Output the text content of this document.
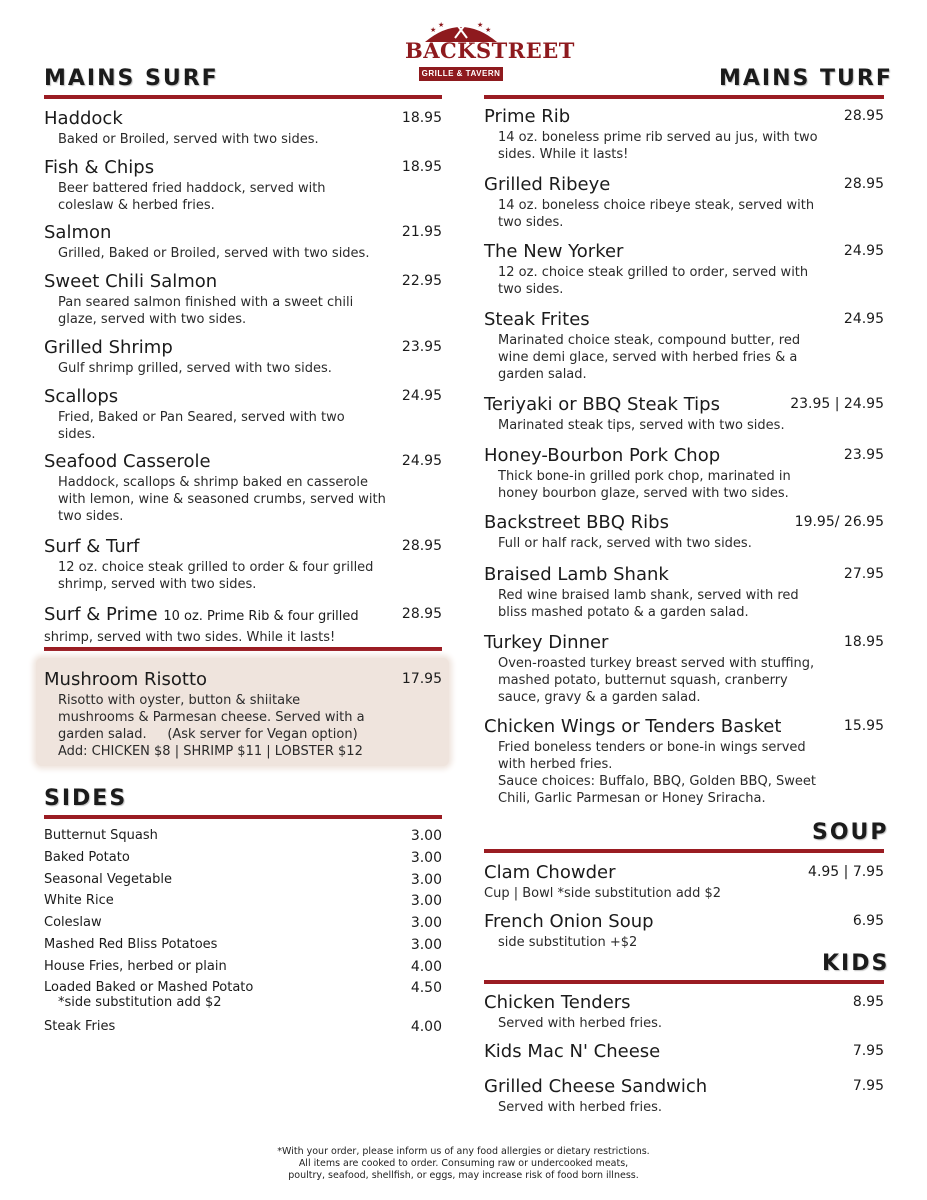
★
★	★
★
BACKSTREET
GRILLE & TAVERN
MAINS SURF
Haddock	18.95
Baked or Broiled, served with two sides.
Fish & Chips	18.95
Beer battered fried haddock, served with coleslaw & herbed fries.
Salmon	21.95
Grilled, Baked or Broiled, served with two sides.
Sweet Chili Salmon	22.95
Pan seared salmon finished with a sweet chili glaze, served with two sides.
Grilled Shrimp	23.95
Gulf shrimp grilled, served with two sides.
Scallops	24.95
Fried, Baked or Pan Seared, served with two sides.
Seafood Casserole	24.95
Haddock, scallops & shrimp baked en casserole with lemon, wine & seasoned crumbs, served with two sides.
Surf & Turf	28.95
12 oz. choice steak grilled to order & four grilled shrimp, served with two sides.
Surf & Prime 10 oz. Prime Rib & four grilled	28.95
shrimp, served with two sides. While it lasts!
Mushroom Risotto	17.95
Risotto with oyster, button & shiitake
mushrooms & Parmesan cheese. Served with a
garden salad.     (Ask server for Vegan option)
Add: CHICKEN $8 | SHRIMP $11 | LOBSTER $12
SIDES
Butternut Squash	3.00
Baked Potato	3.00
Seasonal Vegetable	3.00
White Rice	3.00
Coleslaw	3.00
Mashed Red Bliss Potatoes	3.00
House Fries, herbed or plain	4.00
Loaded Baked or Mashed Potato	4.50
*side substitution add $2
Steak Fries	4.00
MAINS TURF
Prime Rib	28.95
14 oz. boneless prime rib served au jus, with two sides. While it lasts!
Grilled Ribeye	28.95
14 oz. boneless choice ribeye steak, served with two sides.
The New Yorker	24.95
12 oz. choice steak grilled to order, served with two sides.
Steak Frites	24.95
Marinated choice steak, compound butter, red wine demi glace, served with herbed fries & a garden salad.
Teriyaki or BBQ Steak Tips	23.95 | 24.95
Marinated steak tips, served with two sides.
Honey-Bourbon Pork Chop	23.95
Thick bone-in grilled pork chop, marinated in honey bourbon glaze, served with two sides.
Backstreet BBQ Ribs	19.95/ 26.95
Full or half rack, served with two sides.
Braised Lamb Shank	27.95
Red wine braised lamb shank, served with red bliss mashed potato & a garden salad.
Turkey Dinner	18.95
Oven-roasted turkey breast served with stuffing, mashed potato, butternut squash, cranberry sauce, gravy & a garden salad.
Chicken Wings or Tenders Basket	15.95
Fried boneless tenders or bone-in wings served with herbed fries.
Sauce choices: Buffalo, BBQ, Golden BBQ, Sweet Chili, Garlic Parmesan or Honey Sriracha.
SOUP
Clam Chowder	4.95 | 7.95
Cup | Bowl *side substitution add $2
French Onion Soup	6.95
side substitution +$2
KIDS
Chicken Tenders	8.95
Served with herbed fries.
Kids Mac N' Cheese	7.95
Grilled Cheese Sandwich	7.95
Served with herbed fries.
*With your order, please inform us of any food allergies or dietary restrictions.
All items are cooked to order. Consuming raw or undercooked meats,
poultry, seafood, shellfish, or eggs, may increase risk of food born illness.
